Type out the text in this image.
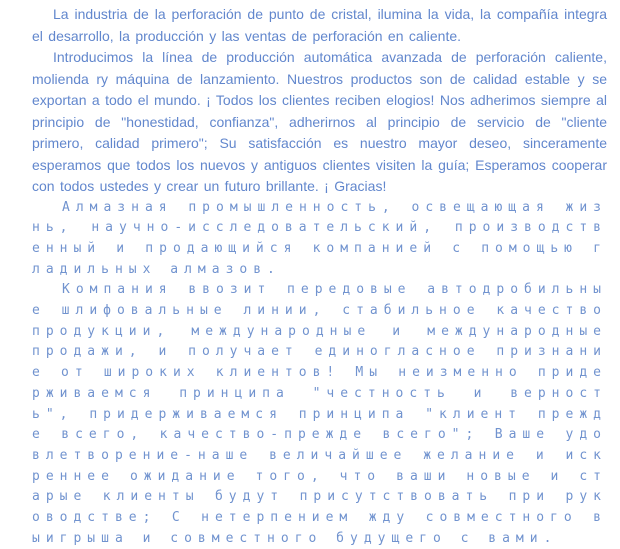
La industria de la perforación de punto de cristal, ilumina la vida, la compañía integra el desarrollo, la producción y las ventas de perforación en caliente.

Introducimos la línea de producción automática avanzada de perforación caliente, molienda ry máquina de lanzamiento. Nuestros productos son de calidad estable y se exportan a todo el mundo. ¡ Todos los clientes reciben elogios! Nos adherimos siempre al principio de "honestidad, confianza", adherirnos al principio de servicio de "cliente primero, calidad primero"; Su satisfacción es nuestro mayor deseo, sinceramente esperamos que todos los nuevos y antiguos clientes visiten la guía; Esperamos cooperar con todos ustedes y crear un futuro brillante. ¡ Gracias!

Алмазная промышленность, освещающая жизнь, научно-исследовательский, производственный и продающийся компанией с помощью гладильных алмазов.

Компания ввозит передовые автодробильные шлифовальные линии, стабильное качество продукции, международные и международные продажи, и получает единогласное признание от широких клиентов! Мы неизменно придерживаемся принципа "честность и верность", придерживаемся принципа "клиент прежде всего, качество-прежде всего"; Ваше удовлетворение-наше величайшее желание и искреннее ожидание того, что ваши новые и старые клиенты будут присутствовать при руководстве; С нетерпением жду совместного выигрыша и совместного будущего с вами.
